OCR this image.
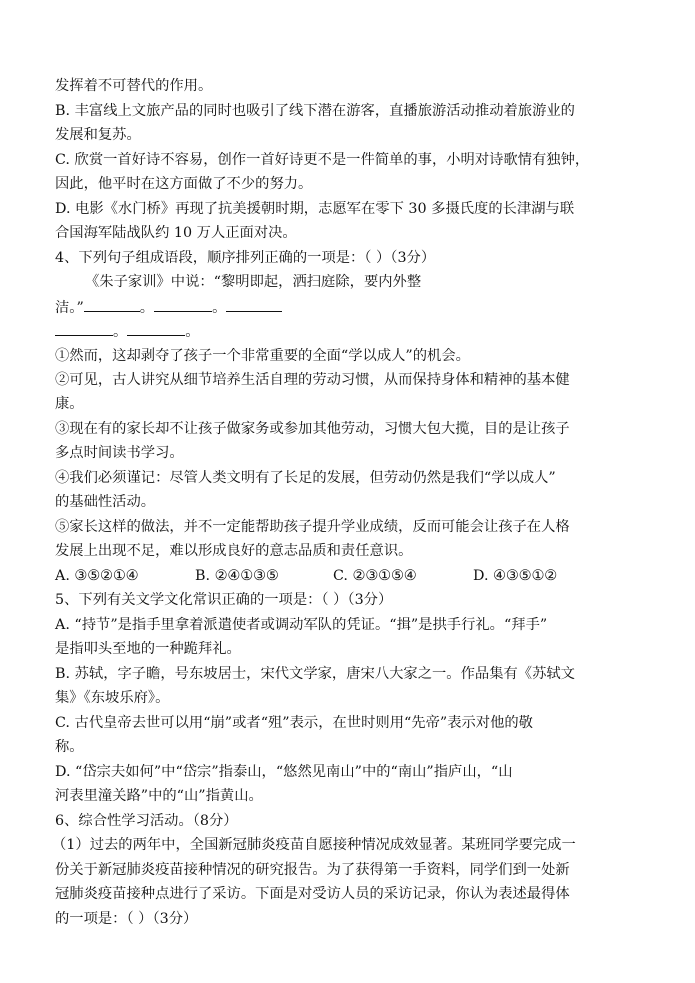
发挥着不可替代的作用。
B. 丰富线上文旅产品的同时也吸引了线下潜在游客，直播旅游活动推动着旅游业的
发展和复苏。
C. 欣赏一首好诗不容易，创作一首好诗更不是一件简单的事，小明对诗歌情有独钟，
因此，他平时在这方面做了不少的努力。
D. 电影《水门桥》再现了抗美援朝时期，志愿军在零下 30 多摄氏度的长津湖与联
合国海军陆战队约 10 万人正面对决。
4、下列句子组成语段，顺序排列正确的一项是：（ ）（3分）
《朱子家训》中说：“黎明即起，洒扫庭除，要内外整
洁。”	。	。
。	。
①然而，这却剥夺了孩子一个非常重要的全面“学以成人”的机会。
②可见，古人讲究从细节培养生活自理的劳动习惯，从而保持身体和精神的基本健
康。
③现在有的家长却不让孩子做家务或参加其他劳动，习惯大包大揽，目的是让孩子
多点时间读书学习。
④我们必须谨记：尽管人类文明有了长足的发展，但劳动仍然是我们“学以成人”
的基础性活动。
⑤家长这样的做法，并不一定能帮助孩子提升学业成绩，反而可能会让孩子在人格
发展上出现不足，难以形成良好的意志品质和责任意识。
A. ③⑤②①④	B. ②④①③⑤	C. ②③①⑤④	D. ④③⑤①②
5、下列有关文学文化常识正确的一项是：（ ）（3分）
A. “持节”是指手里拿着派遣使者或调动军队的凭证。“揖”是拱手行礼。“拜手”
是指叩头至地的一种跪拜礼。
B. 苏轼，字子瞻，号东坡居士，宋代文学家，唐宋八大家之一。作品集有《苏轼文
集》《东坡乐府》。
C. 古代皇帝去世可以用“崩”或者“殂”表示，在世时则用“先帝”表示对他的敬
称。
D. “岱宗夫如何”中“岱宗”指泰山，“悠然见南山”中的“南山”指庐山，“山
河表里潼关路”中的“山”指黄山。
6、综合性学习活动。（8分）
（1）过去的两年中，全国新冠肺炎疫苗自愿接种情况成效显著。某班同学要完成一
份关于新冠肺炎疫苗接种情况的研究报告。为了获得第一手资料，同学们到一处新
冠肺炎疫苗接种点进行了采访。下面是对受访人员的采访记录，你认为表述最得体
的一项是：（ ）（3分）
